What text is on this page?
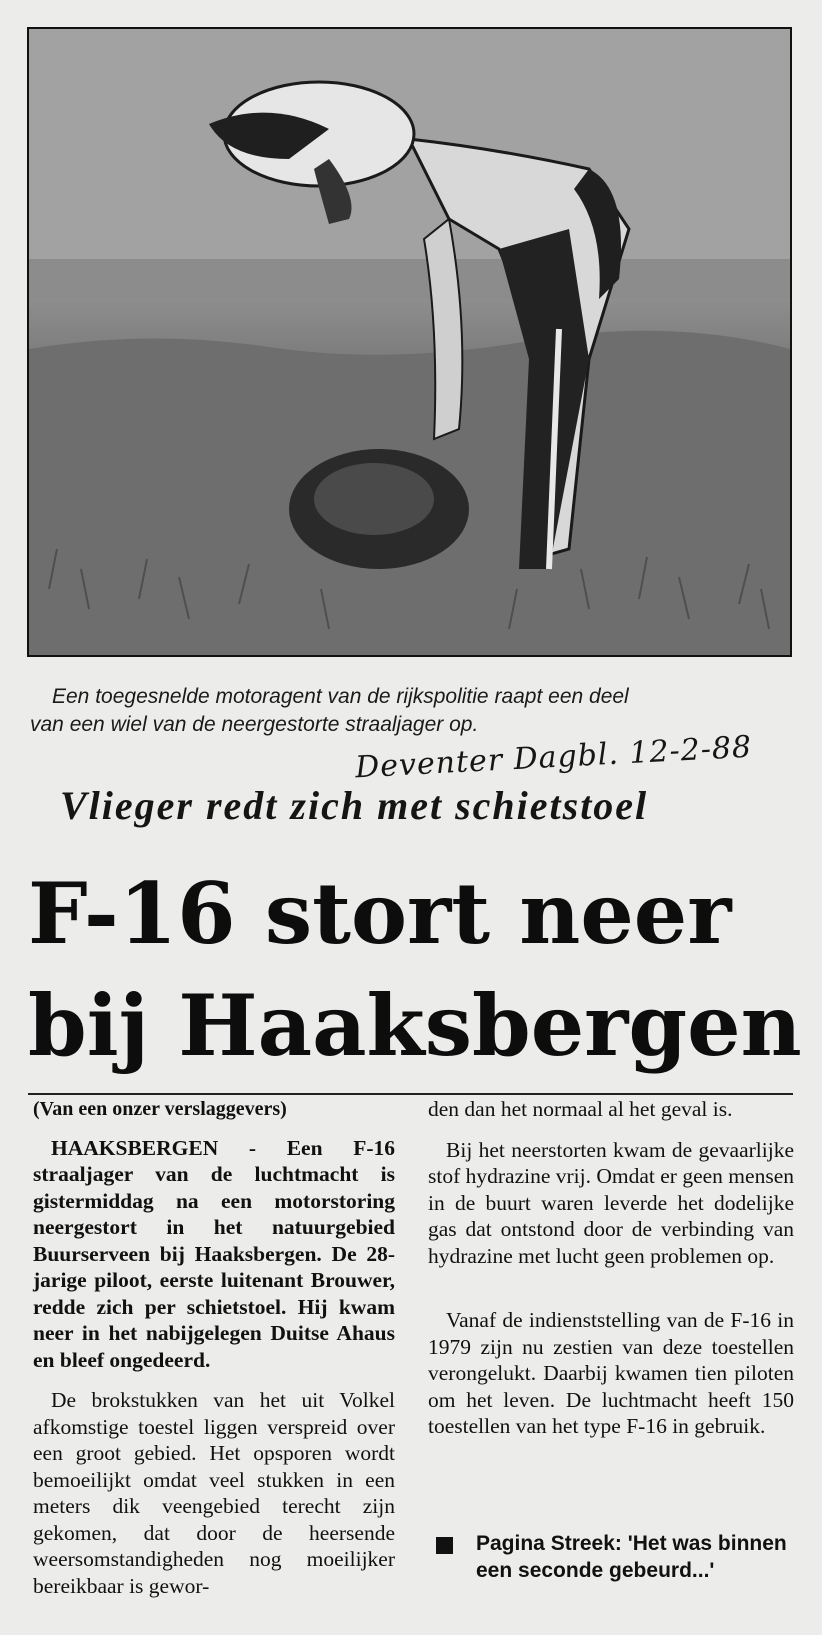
Een toegesnelde motoragent van de rijkspolitie raapt een deel
van een wiel van de neergestorte straaljager op.
Deventer Dagbl. 12-2-88
Vlieger redt zich met schietstoel
F-16 stort neer
bij Haaksbergen
(Van een onzer verslaggevers)
HAAKSBERGEN - Een F-16 straaljager van de luchtmacht is gistermiddag na een motorstoring neergestort in het natuurgebied Buurserveen bij Haaksbergen. De 28-jarige piloot, eerste luitenant Brouwer, redde zich per schietstoel. Hij kwam neer in het nabijgelegen Duitse Ahaus en bleef ongedeerd.

De brokstukken van het uit Volkel afkomstige toestel liggen verspreid over een groot gebied. Het opsporen wordt bemoeilijkt omdat veel stukken in een meters dik veengebied terecht zijn gekomen, dat door de heersende weersomstandigheden nog moeilijker bereikbaar is gewor-

den dan het normaal al het geval is.

Bij het neerstorten kwam de gevaarlijke stof hydrazine vrij. Omdat er geen mensen in de buurt waren leverde het dodelijke gas dat ontstond door de verbinding van hydrazine met lucht geen problemen op.

Vanaf de indienststelling van de F-16 in 1979 zijn nu zestien van deze toestellen verongelukt. Daarbij kwamen tien piloten om het leven. De luchtmacht heeft 150 toestellen van het type F-16 in gebruik.

Pagina Streek: 'Het was binnen een seconde gebeurd...'
